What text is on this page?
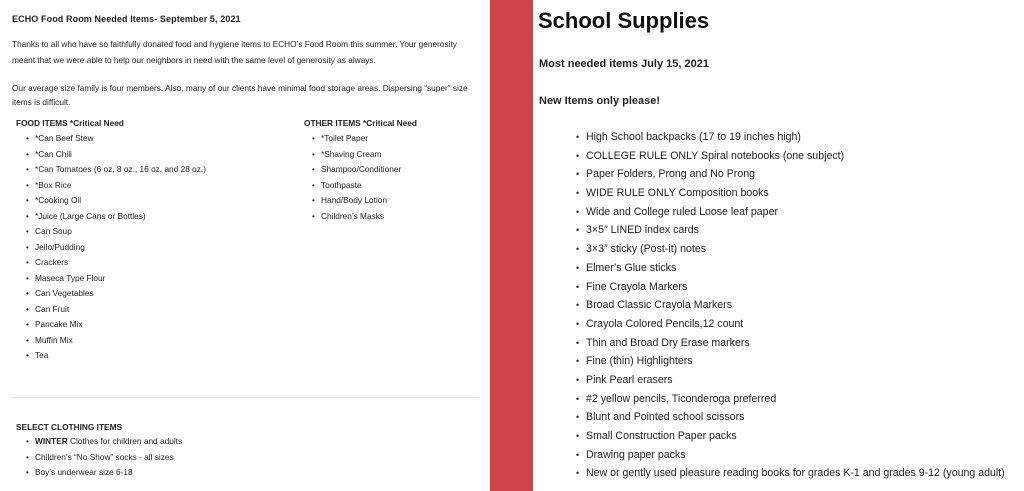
ECHO Food Room Needed Items- September 5, 2021
Thanks to all who have so faithfully donated food and hygiene items to ECHO’s Food Room this summer. Your generosity meant that we were able to help our neighbors in need with the same level of generosity as always.
Our average size family is four members. Also, many of our clients have minimal food storage areas. Dispersing “super” size items is difficult.
FOOD ITEMS *Critical Need
• *Can Beef Stew
• *Can Chili
• *Can Tomatoes (6 oz, 8 oz., 16 oz. and 28 oz.)
• *Box Rice
• *Cooking Oil
• *Juice (Large Cans or Bottles)
• Can Soup
• Jello/Pudding
• Crackers
• Maseca Type Flour
• Can Vegetables
• Can Fruit
• Pancake Mix
• Muffin Mix
• Tea
OTHER ITEMS *Critical Need
• *Toilet Paper
• *Shaving Cream
• Shampoo/Conditioner
• Toothpaste
• Hand/Body Lotion
• Children’s Masks
SELECT CLOTHING ITEMS
• WINTER Clothes for children and adults
• Children’s “No Show” socks - all sizes
• Boy’s underwear size 6-18
School Supplies
Most needed items July 15, 2021
New Items only please!
• High School backpacks (17 to 19 inches high)
• COLLEGE RULE ONLY Spiral notebooks (one subject)
• Paper Folders, Prong and No Prong
• WIDE RULE ONLY Composition books
• Wide and College ruled Loose leaf paper
• 3×5″ LINED index cards
• 3×3″ sticky (Post-it) notes
• Elmer’s Glue sticks
• Fine Crayola Markers
• Broad Classic Crayola Markers
• Crayola Colored Pencils,12 count
• Thin and Broad Dry Erase markers
• Fine (thin) Highlighters
• Pink Pearl erasers
• #2 yellow pencils, Ticonderoga preferred
• Blunt and Pointed school scissors
• Small Construction Paper packs
• Drawing paper packs
• New or gently used pleasure reading books for grades K-1 and grades 9-12 (young adult)
